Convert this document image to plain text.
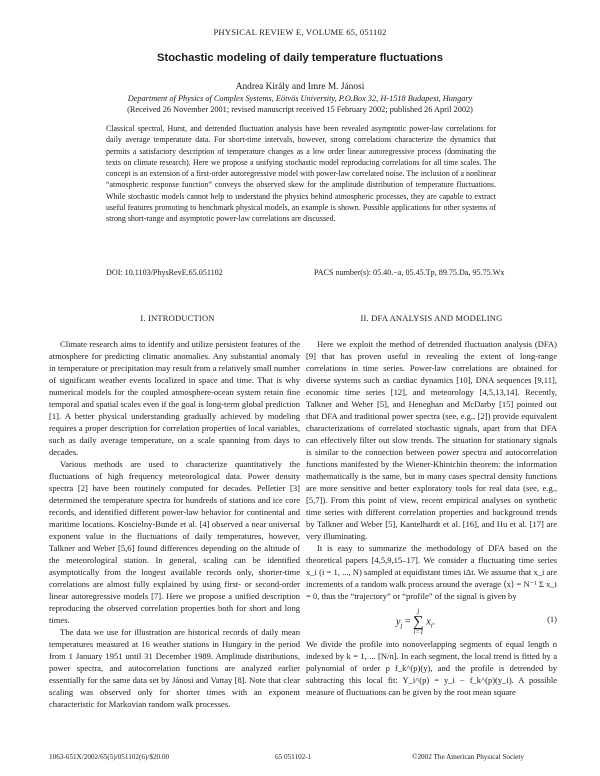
PHYSICAL REVIEW E, VOLUME 65, 051102
Stochastic modeling of daily temperature fluctuations
Andrea Király and Imre M. Jánosi
Department of Physics of Complex Systems, Eötvös University, P.O.Box 32, H-1518 Budapest, Hungary
(Received 26 November 2001; revised manuscript received 15 February 2002; published 26 April 2002)
Classical spectral, Hurst, and detrended fluctuation analysis have been revealed asymptotic power-law correlations for daily average temperature data. For short-time intervals, however, strong correlations characterize the dynamics that permits a satisfactory description of temperature changes as a low order linear autoregressive process (dominating the texts on climate research). Here we propose a unifying stochastic model reproducing correlations for all time scales. The concept is an extension of a first-order autoregressive model with power-law correlated noise. The inclusion of a nonlinear “atmospheric response function” conveys the observed skew for the amplitude distribution of temperature fluctuations. While stochastic models cannot help to understand the physics behind atmospheric processes, they are capable to extract useful features promoting to benchmark physical models, an example is shown. Possible applications for other systems of strong short-range and asymptotic power-law correlations are discussed.
DOI: 10.1103/PhysRevE.65.051102	PACS number(s): 05.40.−a, 05.45.Tp, 89.75.Da, 95.75.Wx
I. INTRODUCTION	II. DFA ANALYSIS AND MODELING

Climate research aims to identify and utilize persistent features of the atmosphere for predicting climatic anomalies. Any substantial anomaly in temperature or precipitation may result from a relatively small number of significant weather events localized in space and time. That is why numerical models for the coupled atmosphere-ocean system retain fine temporal and spatial scales even if the goal is long-term global prediction [1]. A better physical understanding gradually achieved by modeling requires a proper description for correlation properties of local variables, such as daily average temperature, on a scale spanning from days to decades.

Various methods are used to characterize quantitatively the fluctuations of high frequency meteorological data. Power density spectra [2] have been routinely computed for decades. Pelletier [3] determined the temperature spectra for hundreds of stations and ice core records, and identified different power-law behavior for continental and maritime locations. Koscielny-Bunde et al. [4] observed a near universal exponent value in the fluctuations of daily temperatures, however, Talkner and Weber [5,6] found differences depending on the altitude of the meteorological station. In general, scaling can be identified asymptotically from the longest available records only, shorter-time correlations are almost fully explained by using first- or second-order linear autoregressive models [7]. Here we propose a unified description reproducing the observed correlation properties both for short and long times.

The data we use for illustration are historical records of daily mean temperatures measured at 16 weather stations in Hungary in the period from 1 January 1951 until 31 December 1989. Amplitude distributions, power spectra, and autocorrelation functions are analyzed earlier essentially for the same data set by Jánosi and Vattay [8]. Note that clear scaling was observed only for shorter times with an exponent characteristic for Markovian random walk processes.

Here we exploit the method of detrended fluctuation analysis (DFA) [9] that has proven useful in revealing the extent of long-range correlations in time series. Power-law correlations are obtained for diverse systems such as cardiac dynamics [10], DNA sequences [9,11], economic time series [12], and meteorology [4,5,13,14]. Recently, Talkner and Weber [5], and Heneghan and McDarby [15] pointed out that DFA and traditional power spectra (see, e.g., [2]) provide equivalent characterizations of correlated stochastic signals, apart from that DFA can effectively filter out slow trends. The situation for stationary signals is similar to the connection between power spectra and autocorrelation functions manifested by the Wiener-Khintchin theorem: the information mathematically is the same, but in many cases spectral density functions are more sensitive and better exploratory tools for real data (see, e.g., [5,7]). From this point of view, recent empirical analyses on synthetic time series with different correlation properties and background trends by Talkner and Weber [5], Kantelhardt et al. [16], and Hu et al. [17] are very illuminating.

It is easy to summarize the methodology of DFA based on the theoretical papers [4,5,9,15–17]. We consider a fluctuating time series x_i (i = 1, ..., N) sampled at equidistant times iΔt. We assume that x_i are increments of a random walk process around the average ⟨x⟩ = N⁻¹ Σ x_i = 0, thus the “trajectory” or “profile” of the signal is given by

$y_j = j$
∑
i=1 $x_i$.	(1)

We divide the profile into nonoverlapping segments of equal length n indexed by k = 1, ... [N/n]. In each segment, the local trend is fitted by a polynomial of order p f_k^(p)(y), and the profile is detrended by subtracting this local fit: Y_i^(p) = y_i − f_k^(p)(y_i). A possible measure of fluctuations can be given by the root mean square

1063-651X/2002/65(5)/051102(6)/$20.00	65 051102-1	©2002 The American Physical Society
